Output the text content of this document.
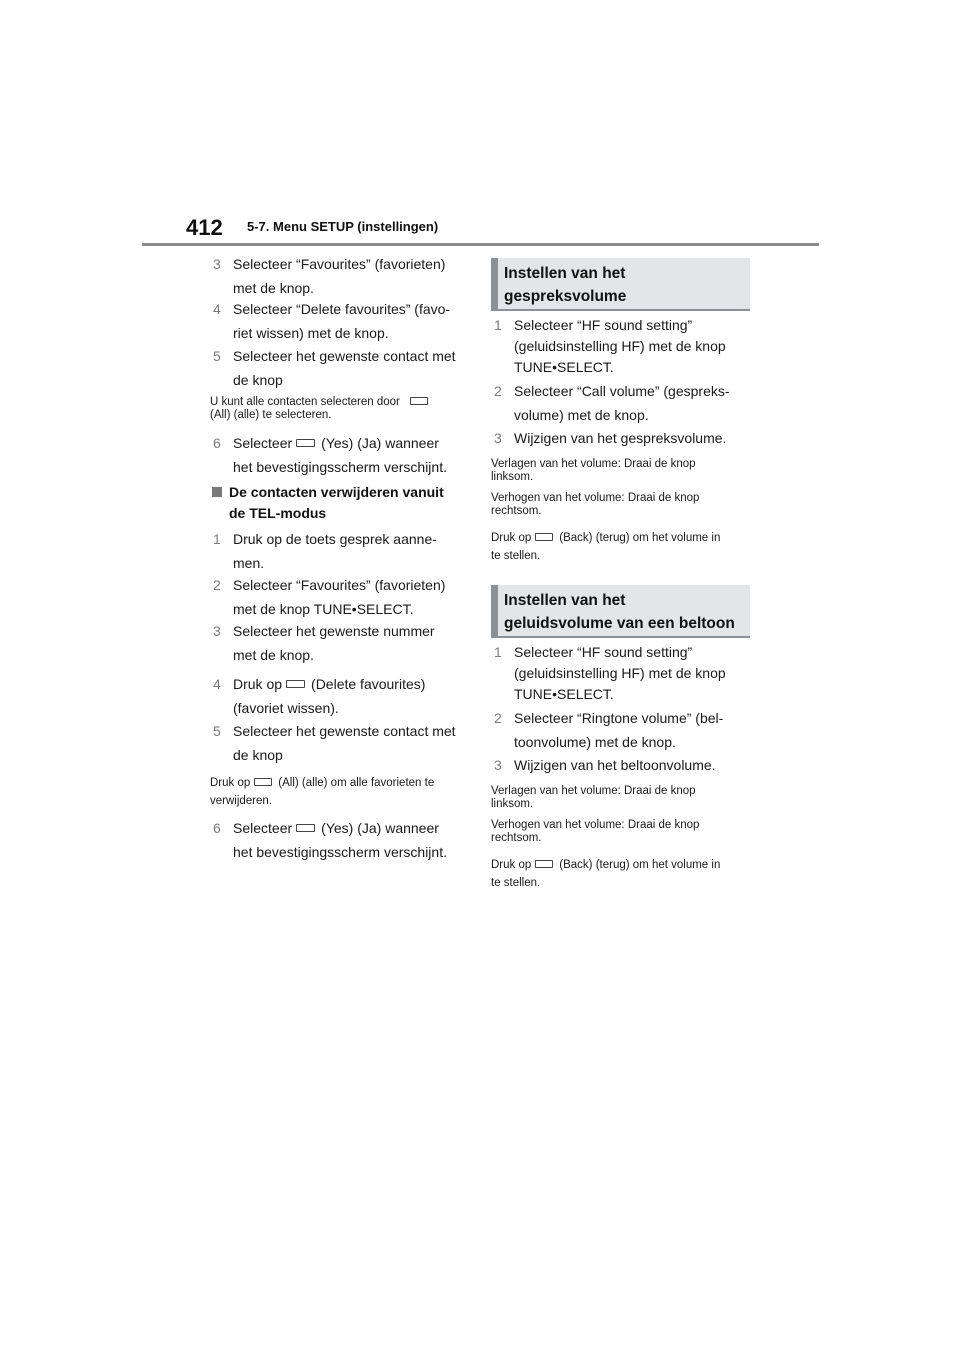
412 5-7. Menu SETUP (instellingen)
3 Selecteer “Favourites” (favorieten)
met de knop.
4 Selecteer “Delete favourites” (favo-
riet wissen) met de knop.
5 Selecteer het gewenste contact met
de knop
U kunt alle contacten selecteren door
(All) (alle) te selecteren.
6 Selecteer (Yes) (Ja) wanneer
het bevestigingsscherm verschijnt.
De contacten verwijderen vanuit
de TEL-modus
1 Druk op de toets gesprek aanne-
men.
2 Selecteer “Favourites” (favorieten)
met de knop TUNE•SELECT.
3 Selecteer het gewenste nummer
met de knop.
4 Druk op (Delete favourites)
(favoriet wissen).
5 Selecteer het gewenste contact met
de knop
Druk op (All) (alle) om alle favorieten te
verwijderen.
6 Selecteer (Yes) (Ja) wanneer
het bevestigingsscherm verschijnt.
Instellen van het
gespreksvolume
1 Selecteer “HF sound setting”
(geluidsinstelling HF) met de knop
TUNE•SELECT.
2 Selecteer “Call volume” (gespreks-
volume) met de knop.
3 Wijzigen van het gespreksvolume.
Verlagen van het volume: Draai de knop
linksom.
Verhogen van het volume: Draai de knop
rechtsom.
Druk op (Back) (terug) om het volume in
te stellen.
Instellen van het
geluidsvolume van een beltoon
1 Selecteer “HF sound setting”
(geluidsinstelling HF) met de knop
TUNE•SELECT.
2 Selecteer “Ringtone volume” (bel-
toonvolume) met de knop.
3 Wijzigen van het beltoonvolume.
Verlagen van het volume: Draai de knop
linksom.
Verhogen van het volume: Draai de knop
rechtsom.
Druk op (Back) (terug) om het volume in
te stellen.
